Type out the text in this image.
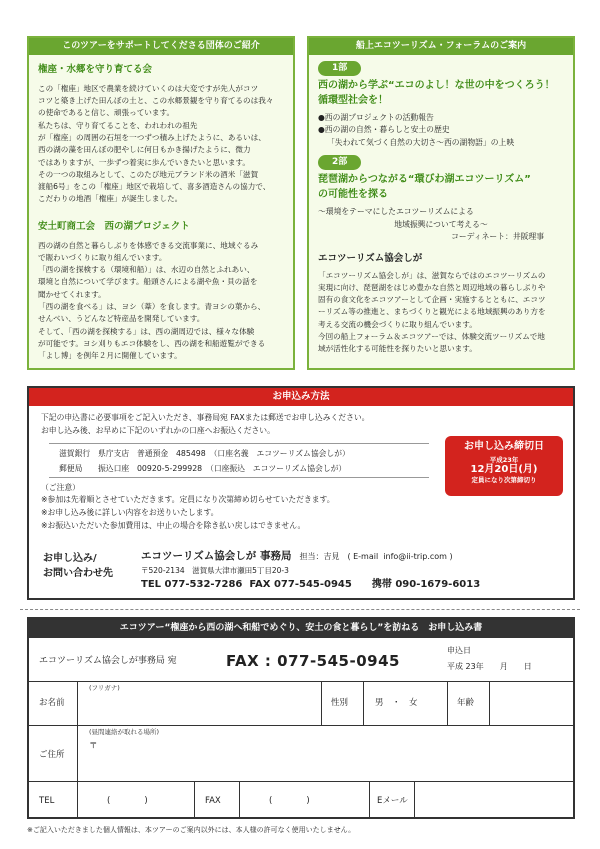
このツアーをサポートしてくださる団体のご紹介
権座・水郷を守り育てる会
この「権座」地区で農業を続けていくのは大変ですが先人がコツ
コツと築き上げた田んぼの土と、この水郷景観を守り育てるのは我々
の使命であると信じ、頑張っています。
私たちは、守り育てることを、われわれの祖先
が「権座」の周囲の石垣を一つずつ積み上げたように、あるいは、
西の湖の藻を田んぼの肥やしに何日もかき揚げたように、微力
ではありますが、一歩ずつ着実に歩んでいきたいと思います。
その一つの取組みとして、このたび地元ブランド米の酒米「滋賀
渡船6号」をこの「権座」地区で栽培して、喜多酒造さんの協力で、
こだわりの地酒「権座」が誕生しました。
安土町商工会　西の湖プロジェクト
西の湖の自然と暮らしぶりを体感できる交流事業に、地域ぐるみ
で賑わいづくりに取り組んでいます。
「西の湖を探検する（環境和船）」は、水辺の自然とふれあい、
環境と自然について学びます。船頭さんによる湖や魚・貝の話を
聞かせてくれます。
「西の湖を食べる」は、ヨシ（葦）を食します。青ヨシの葉から、
せんべい、うどんなど特産品を開発しています。
そして、「西の湖を探検する」は、西の湖周辺では、様々な体験
が可能です。ヨシ刈りもエコ体験をし、西の湖を和船遊覧ができる
「よし博」を例年２月に開催しています。
船上エコツーリズム・フォーラムのご案内
1部
西の湖から学ぶ“エコのよし！な世の中をつくろう！
循環型社会を！
●西の湖プロジェクトの活動報告
●西の湖の自然・暮らしと安土の歴史
「失われて気づく自然の大切さ〜西の湖物語」の上映
2部
琵琶湖からつながる“環びわ湖エコツーリズム”
の可能性を探る
〜環境をテーマにしたエコツーリズムによる
地域振興について考える〜
コーディネート：井阪理事
エコツーリズム協会しが
「エコツーリズム協会しが」は、滋賀ならではのエコツーリズムの
実現に向け、琵琶湖をはじめ豊かな自然と周辺地域の暮らしぶりや
固有の食文化をエコツアーとして企画・実施するとともに、エコツ
ーリズム等の推進と、まちづくりと観光による地域振興のあり方を
考える交流の機会づくりに取り組んでいます。
今回の船上フォーラム＆エコツアーでは、体験交流ツーリズムで地
域が活性化する可能性を探りたいと思います。
お申込み方法
下記の申込書に必要事項をご記入いただき、事務局宛 FAXまたは郵送でお申し込みください。
お申し込み後、お早めに下記のいずれかの口座へお振込ください。
滋賀銀行　県庁支店　普通預金　485498　（口座名義　エコツーリズム協会しが）
郵便局　　振込口座　00920-5-299928　（口座振込　エコツーリズム協会しが）
お申し込み締切日
平成23年
12月20日(月)
定員になり次第締切り
（ご注意）
※参加は先着順とさせていただきます。定員になり次第締め切らせていただきます。
※お申し込み後に詳しい内容をお送りいたします。
※お振込いただいた参加費用は、中止の場合を除き払い戻しはできません。
お申し込み/
お問い合わせ先
エコツーリズム協会しが 事務局　担当：吉見　( E-mail  info@ii-trip.com )
〒520-2134　滋賀県大津市瀬田5丁目20-3
TEL 077-532-7286  FAX 077-545-0945　　携帯 090-1679-6013
エコツアー“権座から西の湖へ和船でめぐり、安土の食と暮らし”を訪ねる　お申し込み書
エコツーリズム協会しが事務局 宛	FAX : 077-545-0945
申込日
平成 23年　　月　　日
お名前
(フリガナ)
性別	男　・　女	年齢
ご住所
(昼間連絡が取れる場所)
〒
TEL	(　　　　)	FAX	(　　　　)	Eメール
※ご記入いただきました個人情報は、本ツアーのご案内以外には、本人様の許可なく使用いたしません。
